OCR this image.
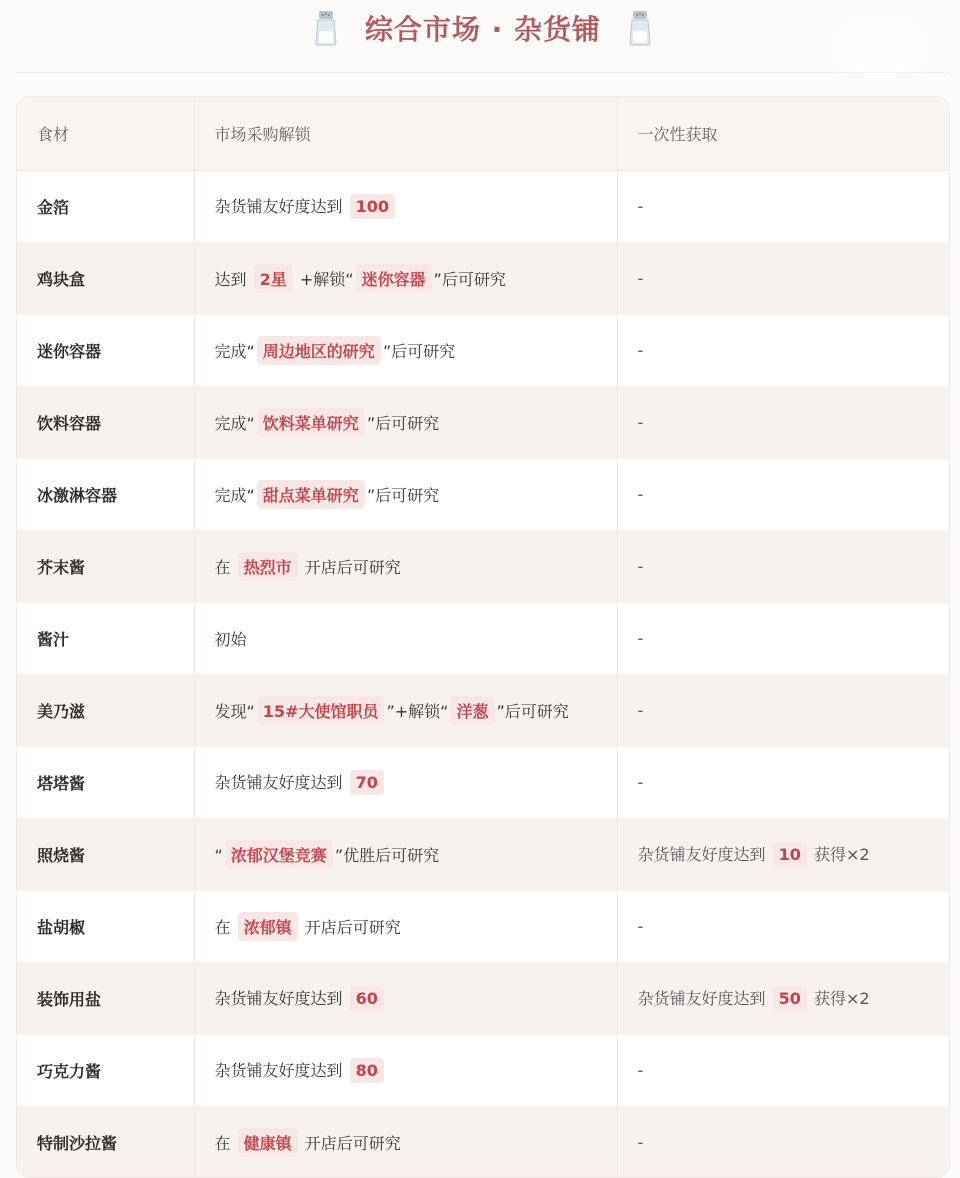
综合市场 · 杂货铺
食材	市场采购解锁	一次性获取
金箔	杂货铺友好度达到 100	-
鸡块盒	达到 2星 +解锁“ 迷你容器 ”后可研究	-
迷你容器	完成“ 周边地区的研究 ”后可研究	-
饮料容器	完成“ 饮料菜单研究 ”后可研究	-
冰激淋容器	完成“ 甜点菜单研究 ”后可研究	-
芥末酱	在 热烈市 开店后可研究	-
酱汁	初始	-
美乃滋	发现“ 15#大使馆职员 ”+解锁“ 洋葱 ”后可研究	-
塔塔酱	杂货铺友好度达到 70	-
照烧酱	“ 浓郁汉堡竞赛 ”优胜后可研究	杂货铺友好度达到 10 获得×2
盐胡椒	在 浓郁镇 开店后可研究	-
装饰用盐	杂货铺友好度达到 60	杂货铺友好度达到 50 获得×2
巧克力酱	杂货铺友好度达到 80	-
特制沙拉酱	在 健康镇 开店后可研究	-
